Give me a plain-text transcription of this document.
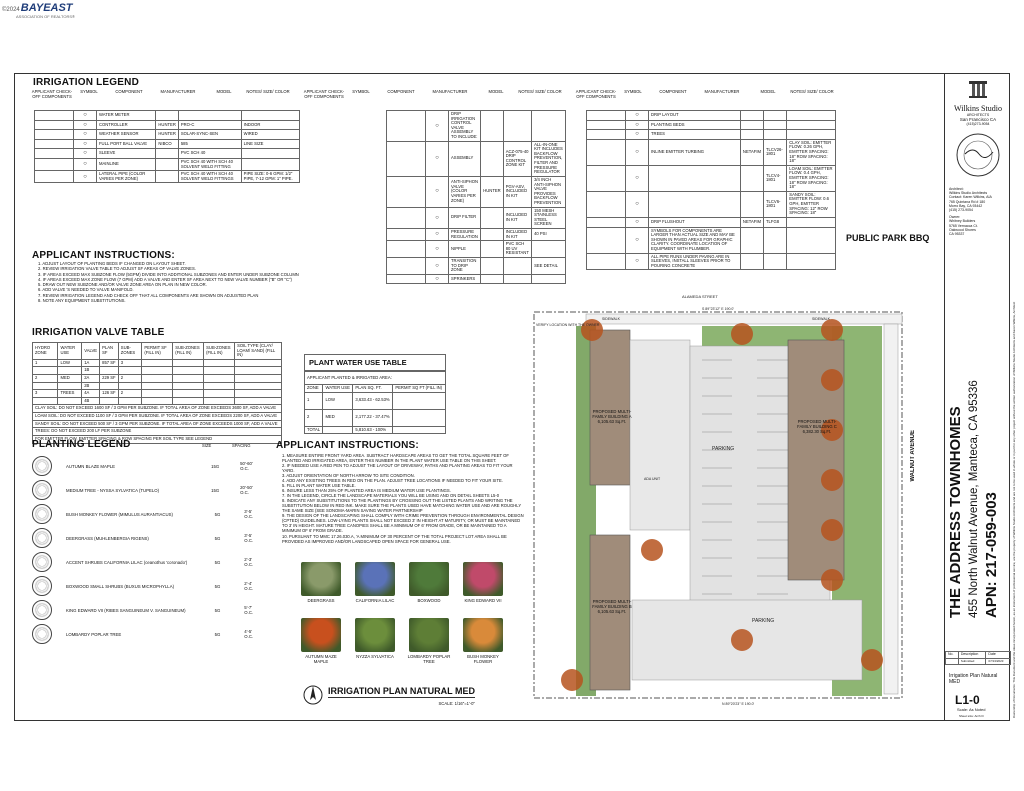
©2024BAYEAST
ASSOCIATION OF REALTORS®
IRRIGATION LEGEND
APPLICANT CHECK-OFF COMPONENTS
SYMBOL	COMPONENT	MANUFACTURER	MODEL	NOTES/ SIZE/ COLOR
	○	WATER METER			
	○	CONTROLLER	HUNTER	PRO-C	INDOOR
	○	WEATHER SENSOR	HUNTER	SOLAR-SYNC-SEN	WIRED
	○	FULL PORT BALL VALVE	NIBCO	585	LINE SIZE
	○	SLEEVE		PVC SCH 40	
	○	MAINLINE		PVC SCH 40 WITH SCH 40 SOLVENT WELD FITTING	
	○	LATERAL PIPE (COLOR VARIES PER ZONE)		PVC SCH 40 WITH SCH 40 SOLVENT WELD FITTINGS	PIPE SIZE: 0-6 GPM: 1/2" PIPE, 7-12 GPM: 1" PIPE.
APPLICANT CHECK-OFF COMPONENTS
SYMBOL	COMPONENT	MANUFACTURER	MODEL	NOTES/ SIZE/ COLOR
	○	DRIP IRRIGATION CONTROL VALVE ASSEMBLY TO INCLUDE:			
	○	ASSEMBLY		ACZ-075-40 DRIP CONTROL ZONE KIT	ALL-IN-ONE KIT INCLUDES BACKFLOW PREVENTION, FILTER AND PRESSURE REGULATOR
	○	ANTI-SIPHON VALVE (COLOR VARIES PER ZONE)	HUNTER	PGV-ASV, INCLUDED IN KIT	3/4 INCH ANTI-SIPHON VALVE PROVIDES BACKFLOW PREVENTION
	○	DRIP FILTER		INCLUDED IN KIT	150 MESH STAINLESS STEEL SCREEN
	○	PRESSURE REGULATION		INCLUDED IN KIT	40 PSI
	○	NIPPLE		PVC SCH 80 UV RESISTANT	
	○	TRANSITION TO DRIP ZONE			SEE DETAIL
	○	SPRINKERS			
APPLICANT CHECK-OFF COMPONENTS
SYMBOL	COMPONENT	MANUFACTURER	MODEL	NOTES/ SIZE/ COLOR
	○	DRIP LAYOUT			
	○	PLANTING BEDS			
	○	TREES			
	○	INLINE EMITTER TURBING	NETAFIM	TLCV26-1801	CLAY SOIL: EMITTER FLOW: 0.26 GPH, EMITTER SPACING: 18" ROW SPACING: 18"
	○			TLCV4-1801	LOAM SOIL: EMITTER FLOW: 0.4 GPH, EMITTER SPACING: 18" ROW SPACING: 18"
	○			TLCV6-1801	SANDY SOIL: EMITTER FLOW: 0.6 GPH, EMITTER SPACING: 12" ROW SPACING: 18"
	○	DRIP FLUSHOUT	NETAFIM	TLFG8	
	○	SYMBOLS FOR COMPONENTS ARE LARGER THAN ACTUAL SIZE AND MAY BE SHOWN IN PAVED AREAS FOR GRAPHIC CLARITY. COORDINATE LOCATION OF EQUIPMENT WITH PLUMBER.			
	○	ALL PIPE RUNS UNDER PAVING ARE IN SLEEVES, INSTALL SLEEVES PRIOR TO POURING CONCRETE			
APPLICANT INSTRUCTIONS:
1. ADJUST LAYOUT OF PLANTING BEDS IF CHANGED ON LAYOUT SHEET.
2. REVIEW IRRIGATION VALVE TABLE TO ADJUST SF AREAS OF VALVE ZONES.
3. IF AREAS EXCEED MAX SUBZONE FLOW (5GPM) DIVIDE INTO ADDITIONAL SUBZONES AND ENTER UNDER SUBZONE COLUMN
4. IF AREAS EXCEED MAX ZONE FLOW (7 GPM) ADD A VALVE AND ENTER SF AREA NEXT TO NEW VALVE NUMBER ("B" OR "C")
5. DRAW OUT NEW SUBZONE AND/OR VALVE ZONE AREA ON PLAN IN NEW COLOR.
6. ADD VALVE 'S NEEDED TO VALVE MANIFOLD.
7. REVIEW IRRIGATION LEGEND AND CHECK OFF THAT ALL COMPONENTS ARE SHOWN ON ADJUSTED PLAN
8. NOTE ANY EQUIPMENT SUBSTITUTIONS.
IRRIGATION VALVE TABLE
HYDRO ZONE	WATER USE	VALVE	PLAN SF	SUB-ZONES	PERMIT SF (FILL IN)	SUB-ZONES (FILL IN)	SUB-ZONES (FILL IN)	SOIL TYPE (CLAY/ LOAM/ SAND) (FILL IN)
1	LOW	1A	857 SF	3				
		1B						
2	MED	2A	229 SF	2				
		2B						
3	TREES	4A	126 SF	2				
		4B						
CLAY SOIL: DO NOT EXCEED 1600 SF / 3 GPM PER SUBZONE. IF TOTAL AREA OF ZONE EXCEEDS 3600 SF, ADD A VALVE								
LOAM SOIL: DO NOT EXCEED 1100 SF / 3 GPM PER SUBZONE. IF TOTAL AREA OF ZONE EXCEEDS 2200 SF, ADD A VALVE								
SANDY SOIL: DO NOT EXCEED 500 SF / 3 GPM PER SUBZONE. IF TOTAL AREA OF ZONE EXCEEDS 1000 SF, ADD A VALVE								
TREES: DO NOT EXCEED 200 LF PER SUBZONE								
FOR EMITTER FLOW, EMITTER SPACING & ROW SPACING PER SOIL TYPE SEE LEGEND								
PLANT WATER USE TABLE
APPLICANT PLANTED & IRRIGATED AREA:			
ZONE	WATER USE	PLAN SQ. FT.	PERMIT SQ FT (FILL IN)
1	LOW	3,633.43 - 62.53%	
2	MED	2,177.22 - 37.47%	
TOTAL		5,810.63 - 100%	
PLANTING LEGEND	SIZE	SPACING
AUTUMN BLAZE MAPLE	15G	50'-60' O.C.
MEDIUM TREE - NYSSA SYLVATICA (TUPELO)	15G	20'-50' O.C.
BUSH MONKEY FLOWER (MIMULUS AURANTIACUS)	5G	3'-5' O.C.
DEERGRASS (MUHLENBERGIA RIGENS)	5G	3'-5' O.C.
ACCENT SHRUBS CALIFORNIA LILAC (ceanothus 'coronado')	5G	2'-3' O.C.
BOXWOOD SMALL SHRUBS (BUXUS MICROPHYLLA)	5G	2'-4' O.C.
KING EDWARD VII (RIBES SANGUINEUM V. SANGUINEUM)	5G	5'-7' O.C.
LOMBARDY POPLAR TREE	5G	4'-5' O.C.
APPLICANT INSTRUCTIONS:
1. MEASURE ENTIRE FRONT YARD AREA. SUBTRACT HARDSCAPE AREAS TO GET THE TOTAL SQUARE FEET OF PLANTED AND IRRIGATED AREA, ENTER THIS NUMBER IN THE PLANT WATER USE TABLE ON THIS SHEET.
2. IF NEEDED USE A RED PEN TO ADJUST THE LAYOUT OF DRIVEWAY, PATHS AND PLANTING AREAS TO FIT YOUR YARD.
3. ADJUST ORIENTATION OF NORTH ARROW TO SITE CONDITION.
4. ADD ANY EXISTING TREES IN RED ON THE PLAN. ADJUST TREE LOCATIONS IF NEEDED TO FIT YOUR SITE.
5. FILL IN PLANT WATER USE TABLE.
6. INSURE LESS THAN 25% OF PLANTED AREA IS MEDIUM WATER USE PLANTINGS.
7. IN THE LEGEND, CIRCLE THE LANDSCAPE MATERIALS YOU WILL BE USING AND ON DETAIL SHEETS L5-0
8. INDICATE ANY SUBSTITUTIONS TO THE PLANTINGS BY CROSSING OUT THE LISTED PLANTS AND WRITING THE SUBSTITUTION BELOW IN RED INK. MAKE SURE THE PLANTS USED HAVE MATCHING WATER USE AND ARE ROUGHLY THE SAME SIZE (SEE SONOMA-MARIN SAVING WATER PARTNERSHIP
9. THE DESIGN OF THE LANDSCAPING SHALL COMPLY WITH CRIME PREVENTION THROUGH ENVIRONMENTAL DESIGN (CPTED) GUIDELINES. LOW-LYING PLANTS SHALL NOT EXCEED 3' IN HEIGHT AT MATURITY, OR MUST BE MAINTAINED TO 3' IN HEIGHT. MATURE TREE CANOPIES SHALL BE A MINIMUM OF 6' FROM GRADE, OR BE MAINTAINED TO A MINIMUM OF 6' FROM GRADE.
10. PURSUANT TO MMC 17.26.030.A, 'A MINIMUM OF 30 PERCENT OF THE TOTAL PROJECT LOT AREA SHALL BE PROVIDED AS IMPROVED AND/OR LANDSCAPED OPEN SPACE FOR GENERAL USE.
DEERGRASS	CALIFORNIA LILAC	BOXWOOD	KING EDWARD VII
AUTUMN MAZE MAPLE
NYZZA SYLVATICA	LOMBARDY POPLAR TREE
BUSH MONKEY FLOWER
IRRIGATION PLAN NATURAL MED
SCALE: 1/16"=1'-0"
PUBLIC PARK BBQ
PARKING
PARKING
ADA UNIT
ALAMEDA STREET
SIDEWALK	SIDEWALK
VERIFY LOCATION WITH THE OWNER
S 89°23'12" E 190.0'
N 89°20'23" E 190.0'
PROPOSED MULTI-FAMILY BUILDING A 6,105.63 Sq.Ft.
PROPOSED MULTI-FAMILY BUILDING B 6,105.63 Sq.Ft.
PROPOSED MULTI-FAMILY BUILDING C 6,382.30 Sq.Ft.	WALNUT AVENUE
Wilkins Studio
ARCHITECTS
San Francisco CA
(415)273-9054
Architect:
Wilkins Studio Architects
Contact: Karen Wilkins, AIA
765 Quintana Rd # 180
Morro Bay, CA 93442
(415) 273-9054
Owner:
Whitney Builders
5765 Vernacca Ct.
Oakwood Shores
CA 95337
THE ADDRESS TOWNHOMES 455 North Walnut Avenue, Manteca, CA 95336 APN: 217-059-003
No.	Description	Date
	Submitted	07/13/2023
Irrigation Plan Natural MED
L1-0
Scale: As Noted
Sheet size: Arch D	Ownership of Documents: This Document and the ideas incorporated herein, as an instrument of professional service, are the property of Wilkins Studio Architects and are not to be used in whole or in part for any other project without the written authorization of Wilkins Studio Architects and Karen Wilkins, Architect
